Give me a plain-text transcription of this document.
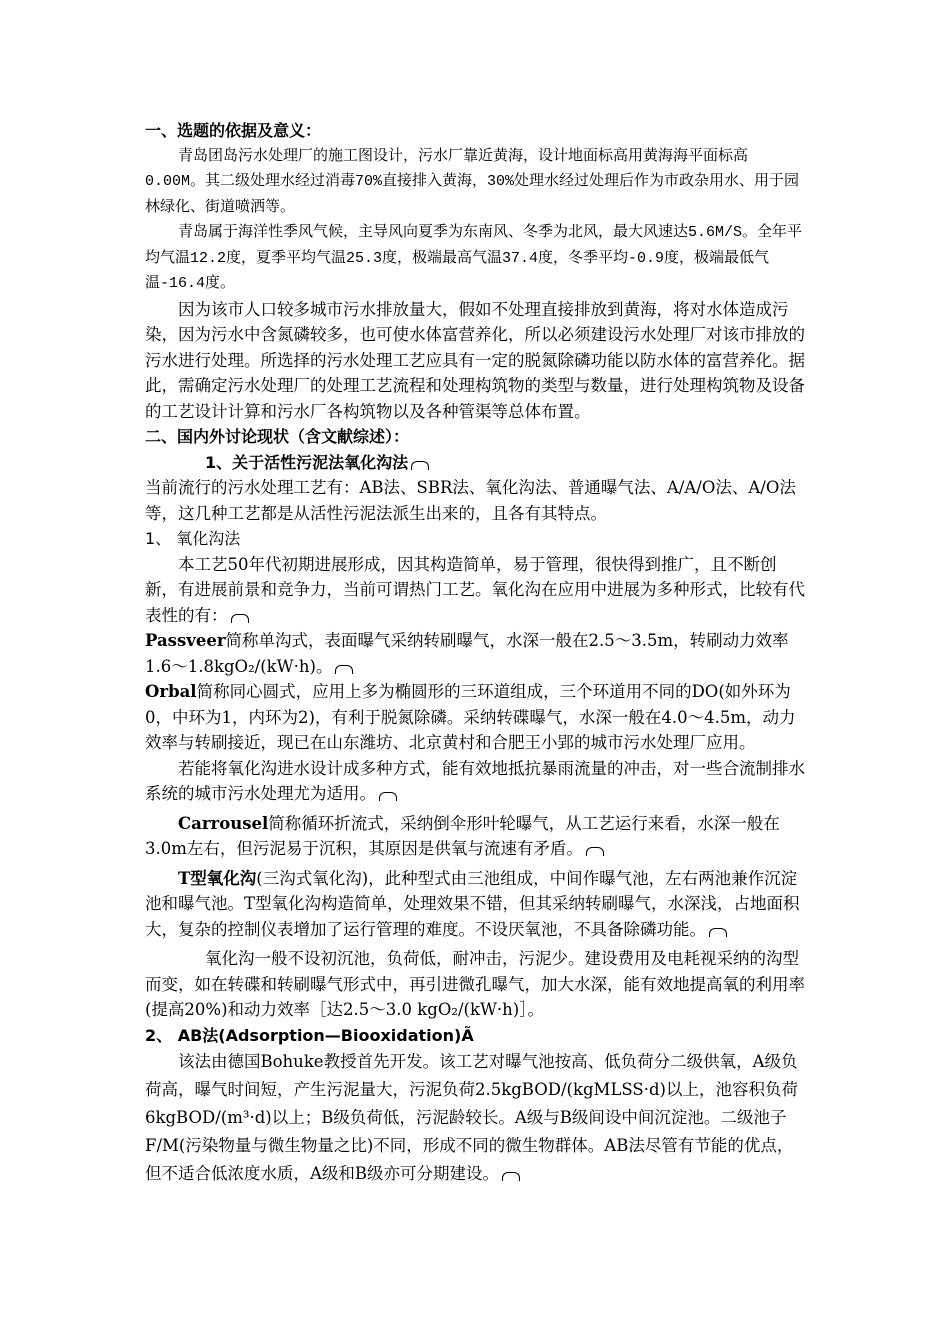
一、选题的依据及意义：

青岛团岛污水处理厂的施工图设计，污水厂靠近黄海，设计地面标高用黄海海平面标高0.00M。其二级处理水经过消毒70%直接排入黄海，30%处理水经过处理后作为市政杂用水、用于园林绿化、街道喷洒等。

青岛属于海洋性季风气候，主导风向夏季为东南风、冬季为北风，最大风速达5.6M/S。全年平均气温12.2度，夏季平均气温25.3度，极端最高气温37.4度，冬季平均-0.9度，极端最低气温-16.4度。

因为该市人口较多城市污水排放量大，假如不处理直接排放到黄海，将对水体造成污染，因为污水中含氮磷较多，也可使水体富营养化，所以必须建设污水处理厂对该市排放的污水进行处理。所选择的污水处理工艺应具有一定的脱氮除磷功能以防水体的富营养化。据此，需确定污水处理厂的处理工艺流程和处理构筑物的类型与数量，进行处理构筑物及设备的工艺设计计算和污水厂各构筑物以及各种管渠等总体布置。

二、国内外讨论现状（含文献综述）：

1、关于活性污泥法氧化沟法

当前流行的污水处理工艺有：AB法、SBR法、氧化沟法、普通曝气法、A/A/O法、A/O法等，这几种工艺都是从活性污泥法派生出来的，且各有其特点。

1、 氧化沟法

本工艺50年代初期进展形成，因其构造简单，易于管理，很快得到推广，且不断创新，有进展前景和竞争力，当前可谓热门工艺。氧化沟在应用中进展为多种形式，比较有代表性的有：

Passveer简称单沟式，表面曝气采纳转刷曝气，水深一般在2.5～3.5m，转刷动力效率1.6～1.8kgO₂/(kW·h)。

Orbal简称同心圆式，应用上多为椭圆形的三环道组成，三个环道用不同的DO(如外环为0，中环为1，内环为2)，有利于脱氮除磷。采纳转碟曝气，水深一般在4.0～4.5m，动力效率与转刷接近，现已在山东潍坊、北京黄村和合肥王小郢的城市污水处理厂应用。

若能将氧化沟进水设计成多种方式，能有效地抵抗暴雨流量的冲击，对一些合流制排水系统的城市污水处理尤为适用。

Carrousel简称循环折流式，采纳倒伞形叶轮曝气，从工艺运行来看，水深一般在3.0m左右，但污泥易于沉积，其原因是供氧与流速有矛盾。

T型氧化沟(三沟式氧化沟)，此种型式由三池组成，中间作曝气池，左右两池兼作沉淀池和曝气池。T型氧化沟构造简单，处理效果不错，但其采纳转刷曝气，水深浅，占地面积大，复杂的控制仪表增加了运行管理的难度。不设厌氧池，不具备除磷功能。

氧化沟一般不设初沉池，负荷低，耐冲击，污泥少。建设费用及电耗视采纳的沟型而变，如在转碟和转刷曝气形式中，再引进微孔曝气，加大水深，能有效地提高氧的利用率(提高20%)和动力效率［达2.5～3.0 kgO₂/(kW·h)］。

2、 AB法(Adsorption—Biooxidation)Ã

该法由德国Bohuke教授首先开发。该工艺对曝气池按高、低负荷分二级供氧，A级负荷高，曝气时间短，产生污泥量大，污泥负荷2.5kgBOD/(kgMLSS·d)以上，池容积负荷6kgBOD/(m³·d)以上；B级负荷低，污泥龄较长。A级与B级间设中间沉淀池。二级池子F/M(污染物量与微生物量之比)不同，形成不同的微生物群体。AB法尽管有节能的优点，但不适合低浓度水质，A级和B级亦可分期建设。
